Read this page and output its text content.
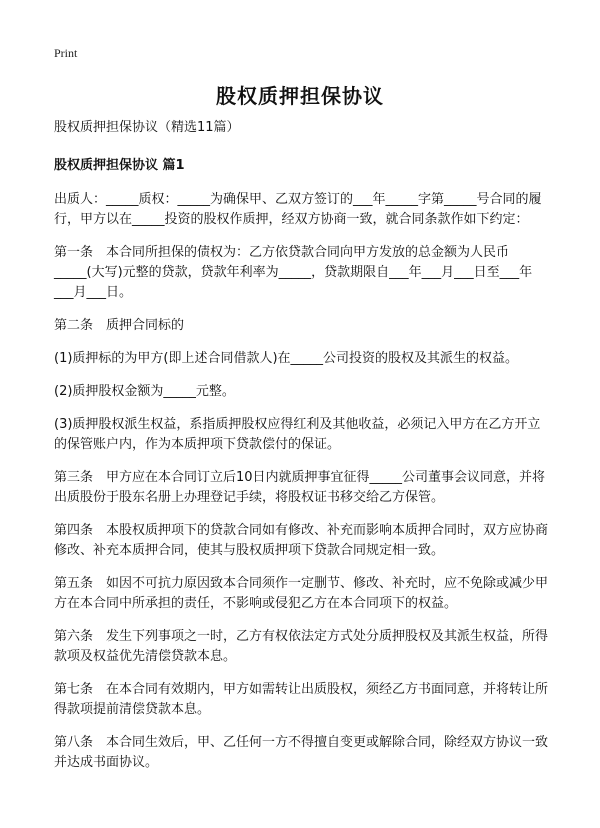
Print
股权质押担保协议

股权质押担保协议（精选11篇）

股权质押担保协议 篇1

出质人：_____质权：_____为确保甲、乙双方签订的___年_____字第_____号合同的履行，甲方以在_____投资的股权作质押，经双方协商一致，就合同条款作如下约定：

第一条　本合同所担保的债权为：乙方依贷款合同向甲方发放的总金额为人民币_____(大写)元整的贷款，贷款年利率为_____，贷款期限自___年___月___日至___年___月___日。

第二条　质押合同标的

(1)质押标的为甲方(即上述合同借款人)在_____公司投资的股权及其派生的权益。

(2)质押股权金额为_____元整。

(3)质押股权派生权益，系指质押股权应得红利及其他收益，必须记入甲方在乙方开立的保管账户内，作为本质押项下贷款偿付的保证。

第三条　甲方应在本合同订立后10日内就质押事宜征得_____公司董事会议同意，并将出质股份于股东名册上办理登记手续，将股权证书移交给乙方保管。

第四条　本股权质押项下的贷款合同如有修改、补充而影响本质押合同时，双方应协商修改、补充本质押合同，使其与股权质押项下贷款合同规定相一致。

第五条　如因不可抗力原因致本合同须作一定删节、修改、补充时，应不免除或减少甲方在本合同中所承担的责任，不影响或侵犯乙方在本合同项下的权益。

第六条　发生下列事项之一时，乙方有权依法定方式处分质押股权及其派生权益，所得款项及权益优先清偿贷款本息。

第七条　在本合同有效期内，甲方如需转让出质股权，须经乙方书面同意，并将转让所得款项提前清偿贷款本息。

第八条　本合同生效后，甲、乙任何一方不得擅自变更或解除合同，除经双方协议一致并达成书面协议。
